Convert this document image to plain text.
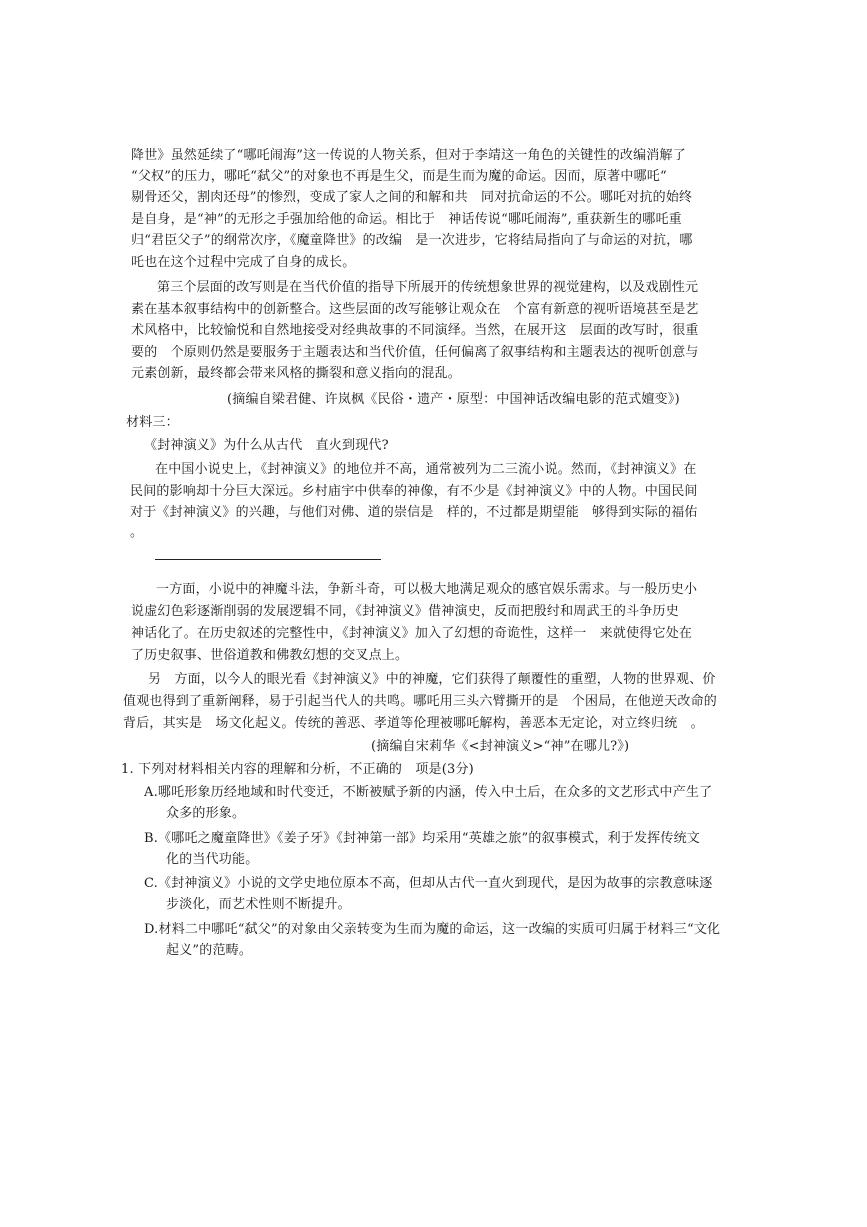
降世》虽然延续了“哪吒闹海”这一传说的人物关系，但对于李靖这一角色的关键性的改编消解了
“父权”的压力，哪吒“弑父”的对象也不再是生父，而是生而为魔的命运。因而，原著中哪吒“
剔骨还父，割肉还母”的惨烈，变成了家人之间的和解和共　同对抗命运的不公。哪吒对抗的始终
是自身，是“神”的无形之手强加给他的命运。相比于　神话传说“哪吒闹海”, 重获新生的哪吒重
归“君臣父子”的纲常次序，《魔童降世》的改编　是一次进步，它将结局指向了与命运的对抗，哪
吒也在这个过程中完成了自身的成长。
第三个层面的改写则是在当代价值的指导下所展开的传统想象世界的视觉建构，以及戏剧性元
素在基本叙事结构中的创新整合。这些层面的改写能够让观众在　个富有新意的视听语境甚至是艺
术风格中，比较愉悦和自然地接受对经典故事的不同演绎。当然，在展开这　层面的改写时，很重
要的　个原则仍然是要服务于主题表达和当代价值，任何偏离了叙事结构和主题表达的视听创意与
元素创新，最终都会带来风格的撕裂和意义指向的混乱。
(摘编自梁君健、许岚枫《民俗・遗产・原型：中国神话改编电影的范式嬗变》)
材料三：
《封神演义》为什么从古代　直火到现代?
在中国小说史上，《封神演义》的地位并不高，通常被列为二三流小说。然而，《封神演义》在
民间的影响却十分巨大深远。乡村庙宇中供奉的神像，有不少是《封神演义》中的人物。中国民间
对于《封神演义》的兴趣，与他们对佛、道的崇信是　样的，不过都是期望能　够得到实际的福佑
。
一方面，小说中的神魔斗法，争新斗奇，可以极大地满足观众的感官娱乐需求。与一般历史小
说虚幻色彩逐渐削弱的发展逻辑不同，《封神演义》借神演史，反而把殷纣和周武王的斗争历史
神话化了。在历史叙述的完整性中，《封神演义》加入了幻想的奇诡性，这样一　来就使得它处在
了历史叙事、世俗道教和佛教幻想的交叉点上。
另　方面，以今人的眼光看《封神演义》中的神魔，它们获得了颠覆性的重塑，人物的世界观、价
值观也得到了重新阐释，易于引起当代人的共鸣。哪吒用三头六臂撕开的是　个困局，在他逆天改命的
背后，其实是　场文化起义。传统的善恶、孝道等伦理被哪吒解构，善恶本无定论，对立终归统　。
(摘编自宋莉华《<封神演义>“神”在哪儿?》)
1. 下列对材料相关内容的理解和分析，不正确的　项是(3分)
A.哪吒形象历经地域和时代变迁，不断被赋予新的内涵，传入中土后，在众多的文艺形式中产生了
众多的形象。
B.《哪吒之魔童降世》《姜子牙》《封神第一部》均采用“英雄之旅”的叙事模式，利于发挥传统文
化的当代功能。
C.《封神演义》小说的文学史地位原本不高，但却从古代一直火到现代，是因为故事的宗教意味逐
步淡化，而艺术性则不断提升。
D.材料二中哪吒“弑父”的对象由父亲转变为生而为魔的命运，这一改编的实质可归属于材料三“文化
起义”的范畴。
